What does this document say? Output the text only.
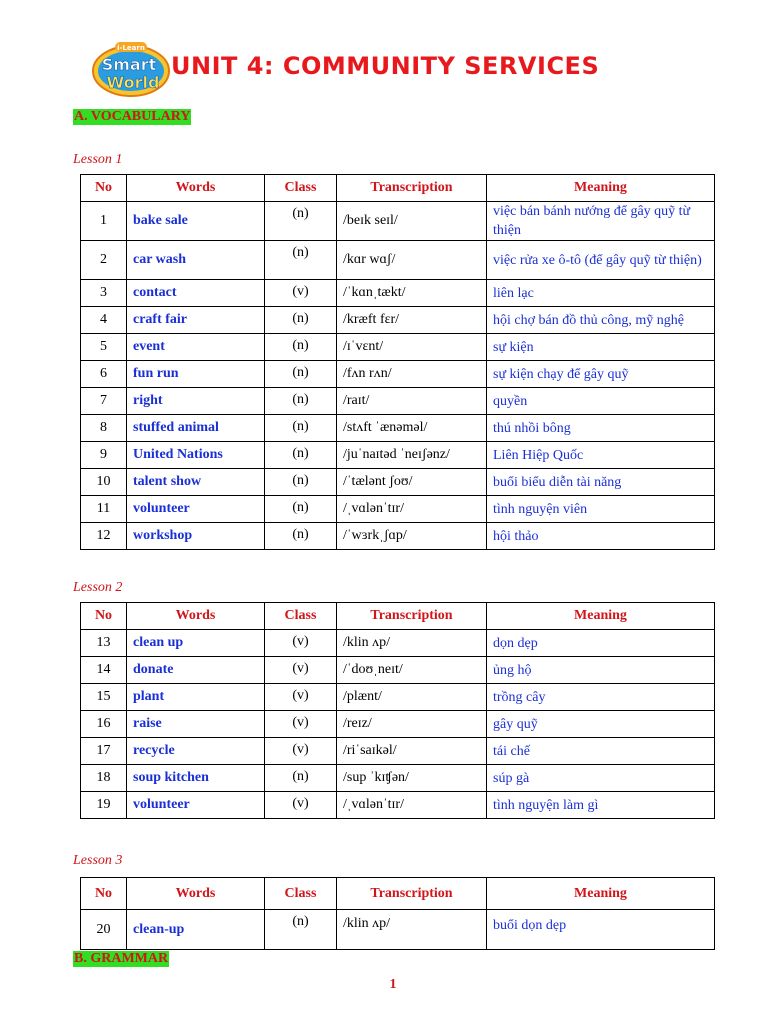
i-Learn
Smart
World
UNIT 4: COMMUNITY SERVICES
A. VOCABULARY
Lesson 1
No	Words	Class	Transcription	Meaning
1	bake sale	(n)	/beɪk seɪl/	việc bán bánh nướng để gây quỹ từ thiện
2	car wash	(n)	/kɑr wɑʃ/	việc rửa xe ô-tô (để gây quỹ từ thiện)
3	contact	(v)	/ˈkɑnˌtækt/	liên lạc
4	craft fair	(n)	/kræft fɛr/	hội chợ bán đồ thủ công, mỹ nghệ
5	event	(n)	/ɪˈvɛnt/	sự kiện
6	fun run	(n)	/fʌn rʌn/	sự kiện chạy để gây quỹ
7	right	(n)	/raɪt/	quyền
8	stuffed animal	(n)	/stʌft ˈænəməl/	thú nhồi bông
9	United Nations	(n)	/juˈnaɪtəd ˈneɪʃənz/	Liên Hiệp Quốc
10	talent show	(n)	/ˈtælənt ʃoʊ/	buổi biểu diễn tài năng
11	volunteer	(n)	/ˌvɑlənˈtɪr/	tình nguyện viên
12	workshop	(n)	/ˈwɜrkˌʃɑp/	hội thảo
Lesson 2
No	Words	Class	Transcription	Meaning
13	clean up	(v)	/klin ʌp/	dọn dẹp
14	donate	(v)	/ˈdoʊˌneɪt/	ủng hộ
15	plant	(v)	/plænt/	trồng cây
16	raise	(v)	/reɪz/	gây quỹ
17	recycle	(v)	/riˈsaɪkəl/	tái chế
18	soup kitchen	(n)	/sup ˈkɪʧən/	súp gà
19	volunteer	(v)	/ˌvɑlənˈtɪr/	tình nguyện làm gì
Lesson 3
No	Words	Class	Transcription	Meaning
20	clean-up	(n)	/klin ʌp/	buổi dọn dẹp
B. GRAMMAR
1
